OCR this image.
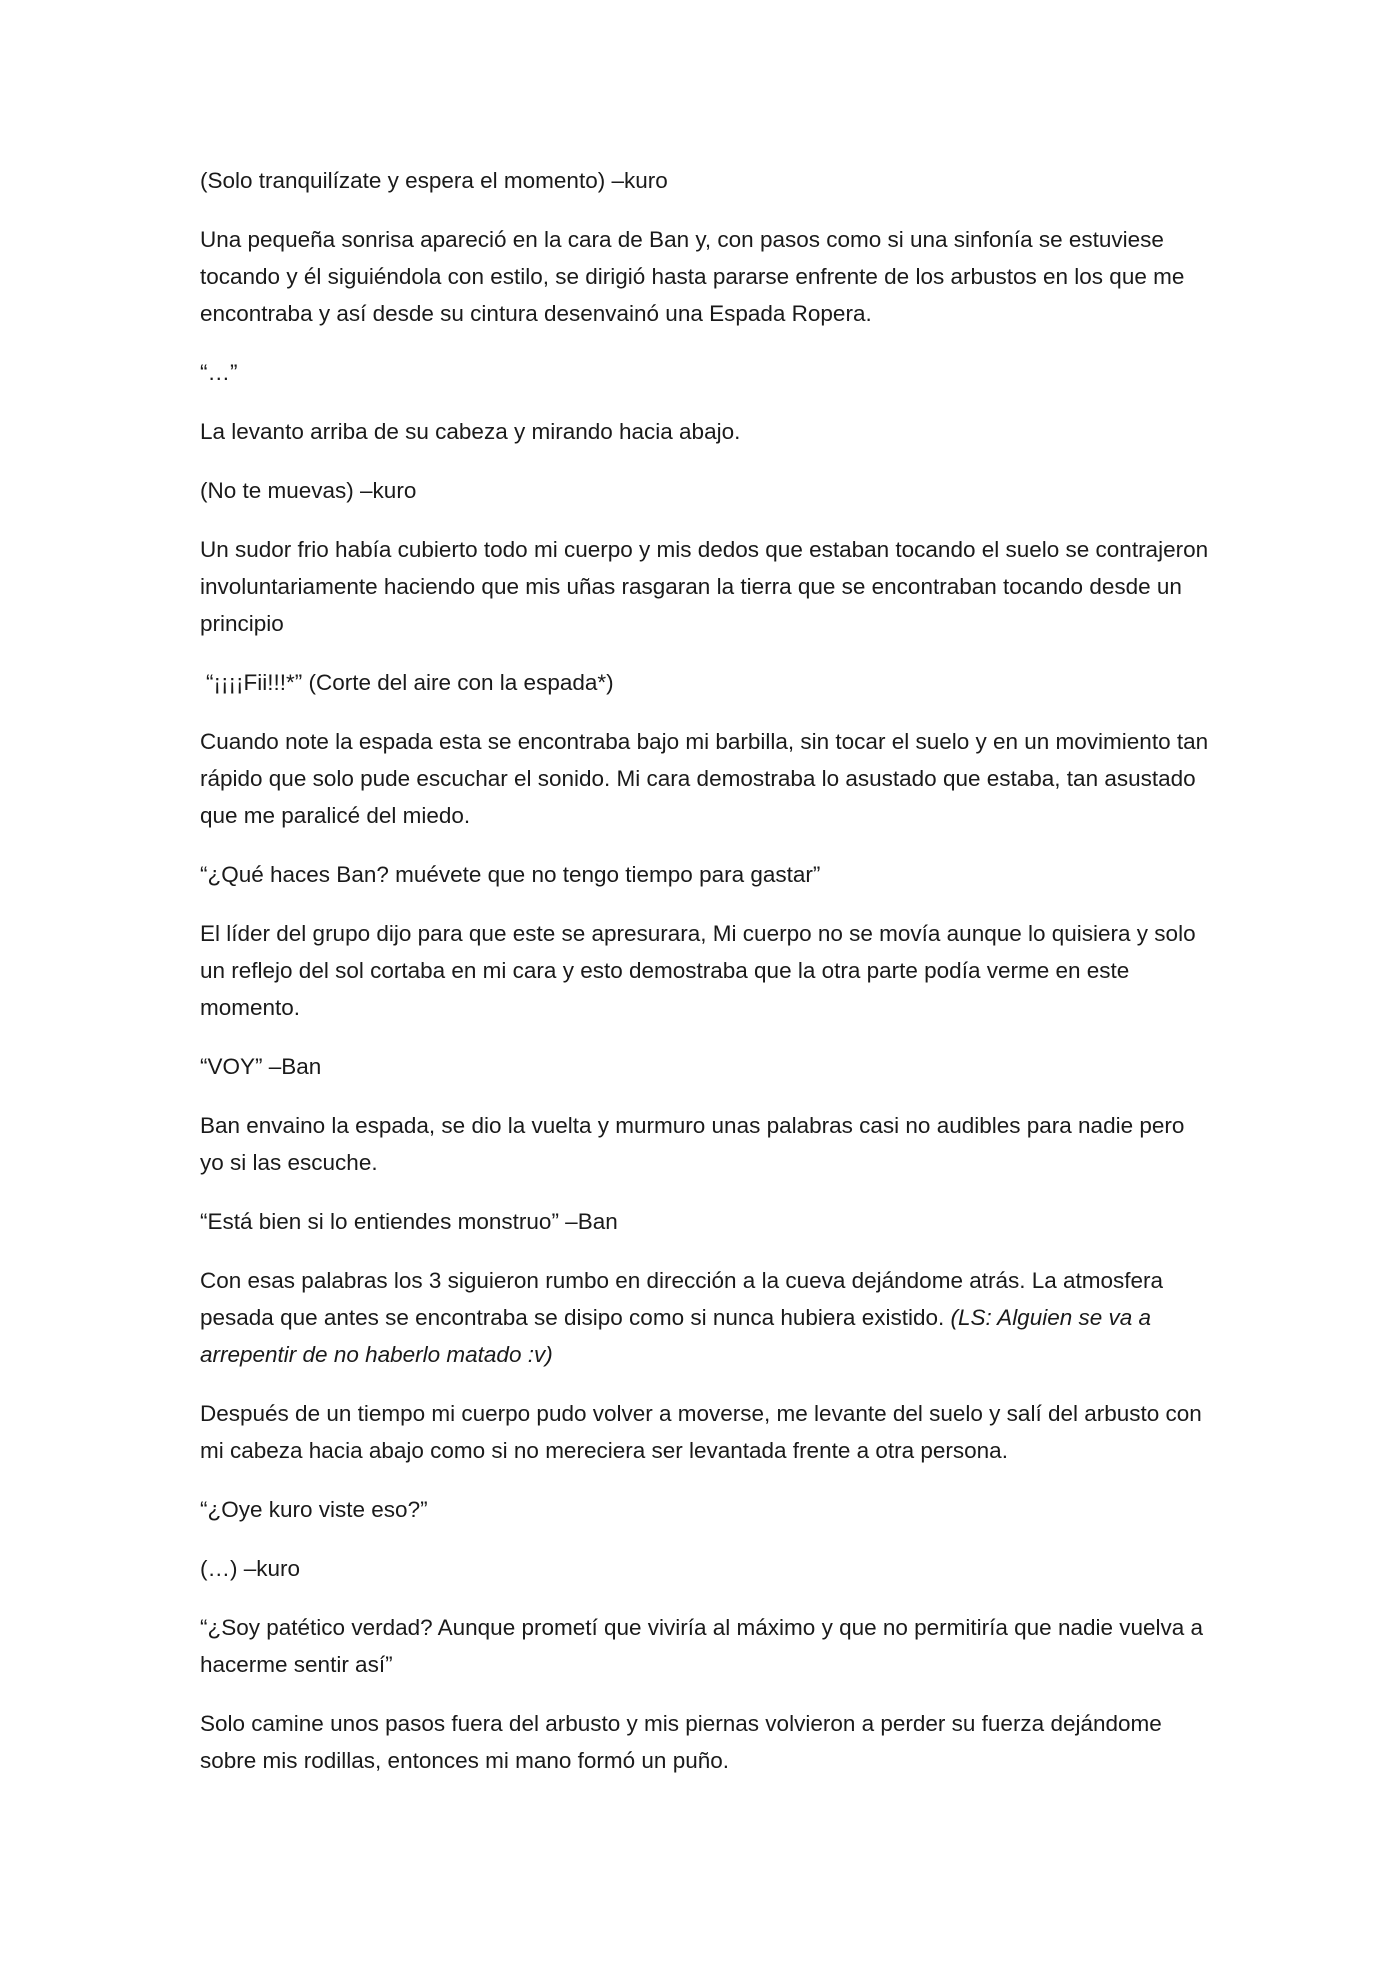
(Solo tranquilízate y espera el momento) –kuro

Una pequeña sonrisa apareció en la cara de Ban y, con pasos como si una sinfonía se estuviese tocando y él siguiéndola con estilo, se dirigió hasta pararse enfrente de los arbustos en los que me encontraba y así desde su cintura desenvainó una Espada Ropera.

“…”

La levanto arriba de su cabeza y mirando hacia abajo.

(No te muevas) –kuro

Un sudor frio había cubierto todo mi cuerpo y mis dedos que estaban tocando el suelo se contrajeron involuntariamente haciendo que mis uñas rasgaran la tierra que se encontraban tocando desde un principio

“¡¡¡¡Fii!!!*” (Corte del aire con la espada*)

Cuando note la espada esta se encontraba bajo mi barbilla, sin tocar el suelo y en un movimiento tan rápido que solo pude escuchar el sonido. Mi cara demostraba lo asustado que estaba, tan asustado que me paralicé del miedo.

“¿Qué haces Ban? muévete que no tengo tiempo para gastar”

El líder del grupo dijo para que este se apresurara, Mi cuerpo no se movía aunque lo quisiera y solo un reflejo del sol cortaba en mi cara y esto demostraba que la otra parte podía verme en este momento.

“VOY” –Ban

Ban envaino la espada, se dio la vuelta y murmuro unas palabras casi no audibles para nadie pero yo si las escuche.

“Está bien si lo entiendes monstruo” –Ban

Con esas palabras los 3 siguieron rumbo en dirección a la cueva dejándome atrás. La atmosfera pesada que antes se encontraba se disipo como si nunca hubiera existido. (LS: Alguien se va a arrepentir de no haberlo matado :v)

Después de un tiempo mi cuerpo pudo volver a moverse, me levante del suelo y salí del arbusto con mi cabeza hacia abajo como si no mereciera ser levantada frente a otra persona.

“¿Oye kuro viste eso?”

(…) –kuro

“¿Soy patético verdad? Aunque prometí que viviría al máximo y que no permitiría que nadie vuelva a hacerme sentir así”

Solo camine unos pasos fuera del arbusto y mis piernas volvieron a perder su fuerza dejándome sobre mis rodillas, entonces mi mano formó un puño.
